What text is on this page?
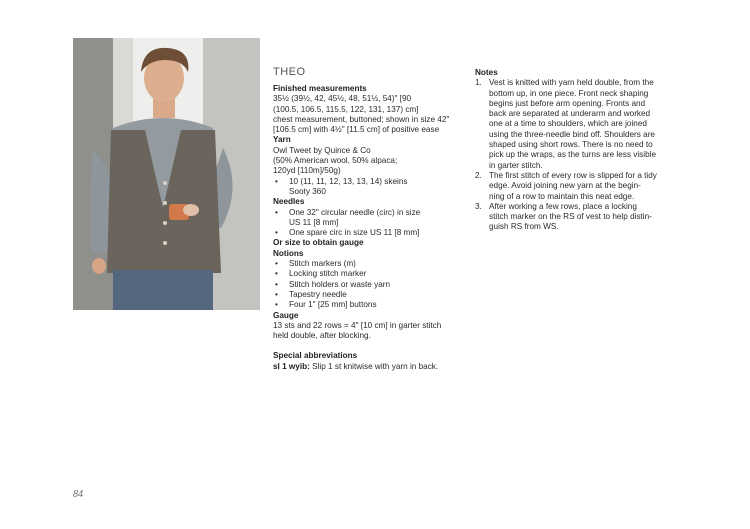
THEO
Finished measurements
35½ (39½, 42, 45½, 48, 51½, 54)" [90
(100.5, 106.5, 115.5, 122, 131, 137) cm]
chest measurement, buttoned; shown in size 42"
[106.5 cm] with 4½" [11.5 cm] of positive ease
Yarn
Owl Tweet by Quince & Co
(50% American wool, 50% alpaca;
120yd [110m]/50g)
• 10 (11, 11, 12, 13, 13, 14) skeins
Sooty 360
Needles
• One 32" circular needle (circ) in size
US 11 [8 mm]
• One spare circ in size US 11 [8 mm]
Or size to obtain gauge
Notions
• Stitch markers (m)
• Locking stitch marker
• Stitch holders or waste yarn
• Tapestry needle
• Four 1" [25 mm] buttons
Gauge
13 sts and 22 rows = 4" [10 cm] in garter stitch
held double, after blocking.
Special abbreviations
sl 1 wyib: Slip 1 st knitwise with yarn in back.
Notes
1. Vest is knitted with yarn held double, from the
bottom up, in one piece. Front neck shaping
begins just before arm opening. Fronts and
back are separated at underarm and worked
one at a time to shoulders, which are joined
using the three-needle bind off. Shoulders are
shaped using short rows. There is no need to
pick up the wraps, as the turns are less visible
in garter stitch.
2. The first stitch of every row is slipped for a tidy
edge. Avoid joining new yarn at the begin-
ning of a row to maintain this neat edge.
3. After working a few rows, place a locking
stitch marker on the RS of vest to help distin-
guish RS from WS.
84
